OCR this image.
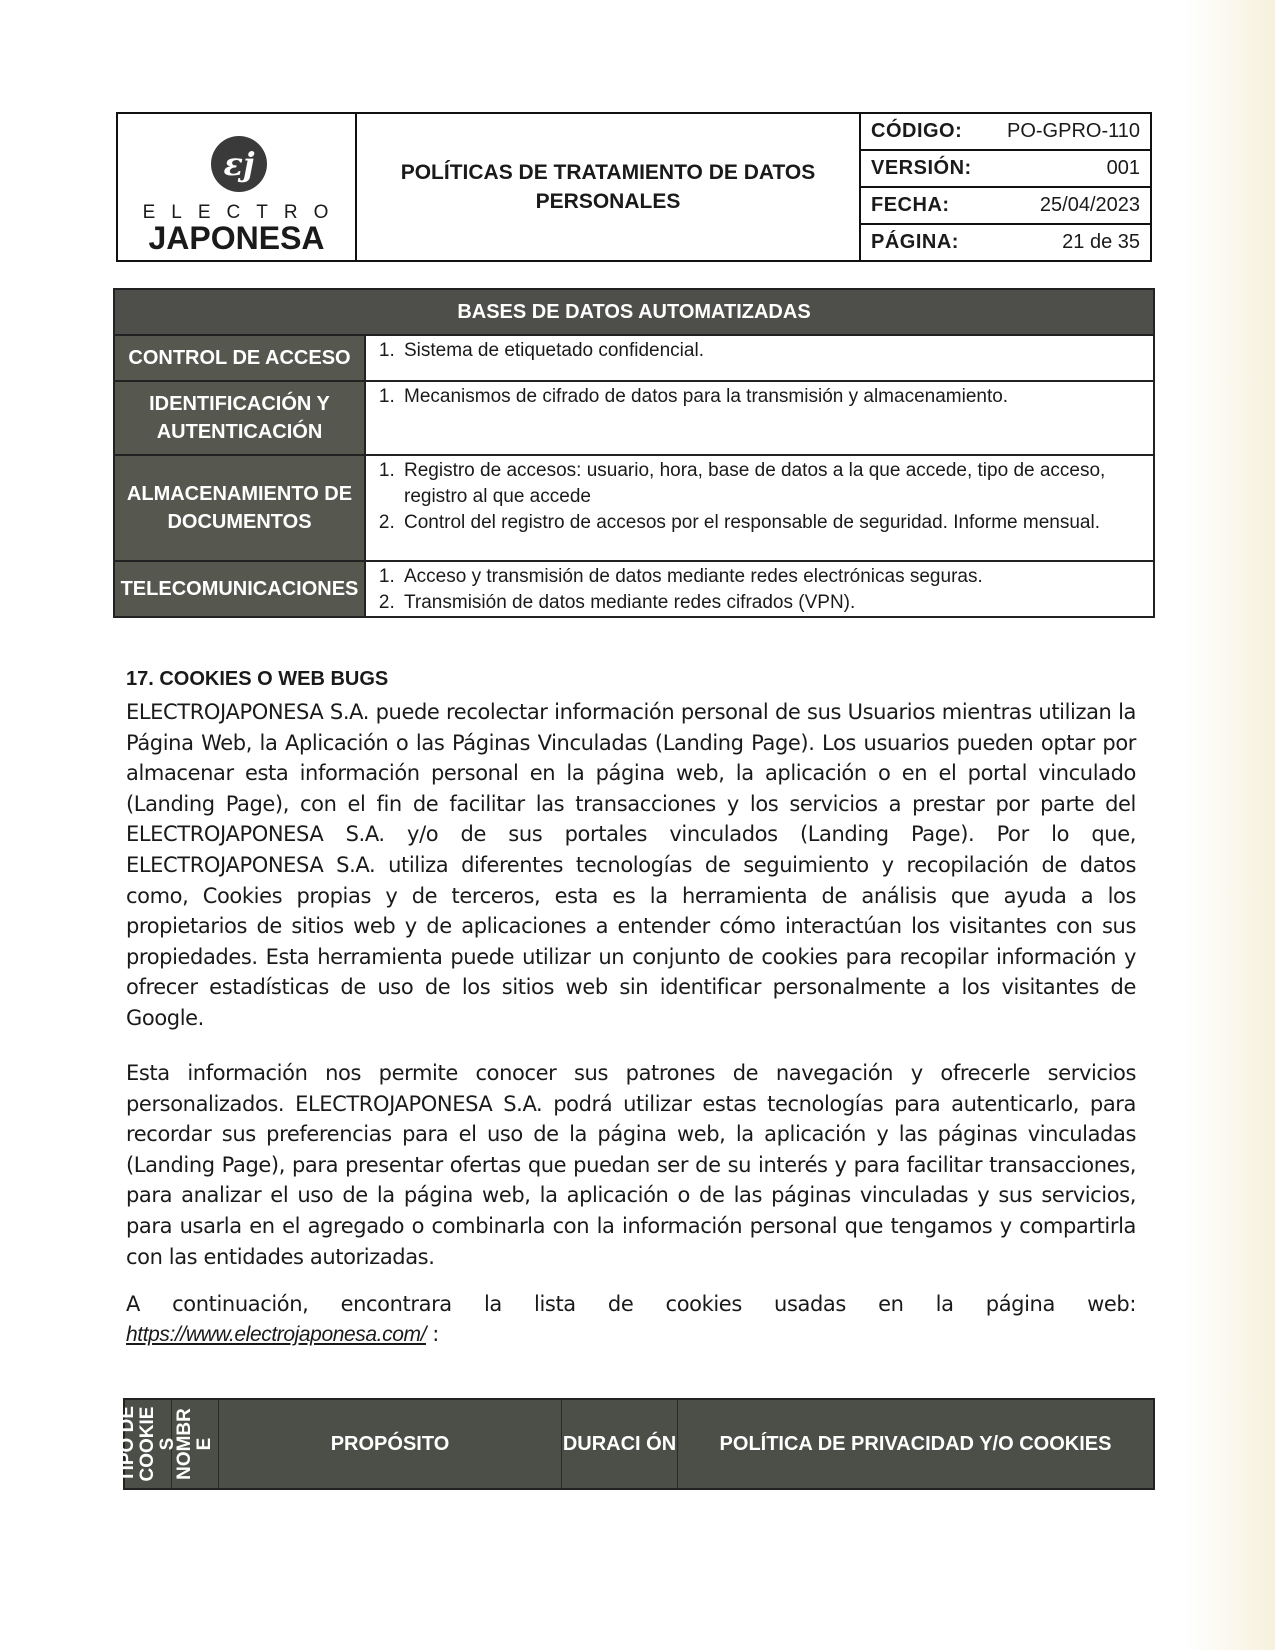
ɛj
ELECTRO
JAPONESA
POLÍTICAS DE TRATAMIENTO DE DATOS PERSONALES
CÓDIGO: PO-GPRO-110
VERSIÓN:	001
FECHA:	25/04/2023
PÁGINA:	21 de 35
BASES DE DATOS AUTOMATIZADAS
CONTROL DE ACCESO
1.	Sistema de etiquetado confidencial.
IDENTIFICACIÓN Y AUTENTICACIÓN
1. Mecanismos de cifrado de datos para la transmisión y almacenamiento.
ALMACENAMIENTO DE DOCUMENTOS
1. Registro de accesos: usuario, hora, base de datos a la que accede, tipo de acceso, registro al que accede
2. Control del registro de accesos por el responsable de seguridad. Informe mensual.
TELECOMUNICACIONES
1. Acceso y transmisión de datos mediante redes electrónicas seguras.
2. Transmisión de datos mediante redes cifrados (VPN).
17. COOKIES O WEB BUGS

ELECTROJAPONESA S.A. puede recolectar información personal de sus Usuarios mientras utilizan la Página Web, la Aplicación o las Páginas Vinculadas (Landing Page). Los usuarios pueden optar por almacenar esta información personal en la página web, la aplicación o en el portal vinculado (Landing Page), con el fin de facilitar las transacciones y los servicios a prestar por parte del ELECTROJAPONESA S.A. y/o de sus portales vinculados (Landing Page). Por lo que, ELECTROJAPONESA S.A. utiliza diferentes tecnologías de seguimiento y recopilación de datos como, Cookies propias y de terceros, esta es la herramienta de análisis que ayuda a los propietarios de sitios web y de aplicaciones a entender cómo interactúan los visitantes con sus propiedades. Esta herramienta puede utilizar un conjunto de cookies para recopilar información y ofrecer estadísticas de uso de los sitios web sin identificar personalmente a los visitantes de Google.

Esta información nos permite conocer sus patrones de navegación y ofrecerle servicios personalizados. ELECTROJAPONESA S.A. podrá utilizar estas tecnologías para autenticarlo, para recordar sus preferencias para el uso de la página web, la aplicación y las páginas vinculadas (Landing Page), para presentar ofertas que puedan ser de su interés y para facilitar transacciones, para analizar el uso de la página web, la aplicación o de las páginas vinculadas y sus servicios, para usarla en el agregado o combinarla con la información personal que tengamos y compartirla con las entidades autorizadas.

A continuación, encontrara la lista de cookies usadas en la página web:

https://www.electrojaponesa.com/ :

TIPO DE
COOKIE
S
NOMBR
E	PROPÓSITO	DURACI ÓN	POLÍTICA DE PRIVACIDAD Y/O COOKIES
